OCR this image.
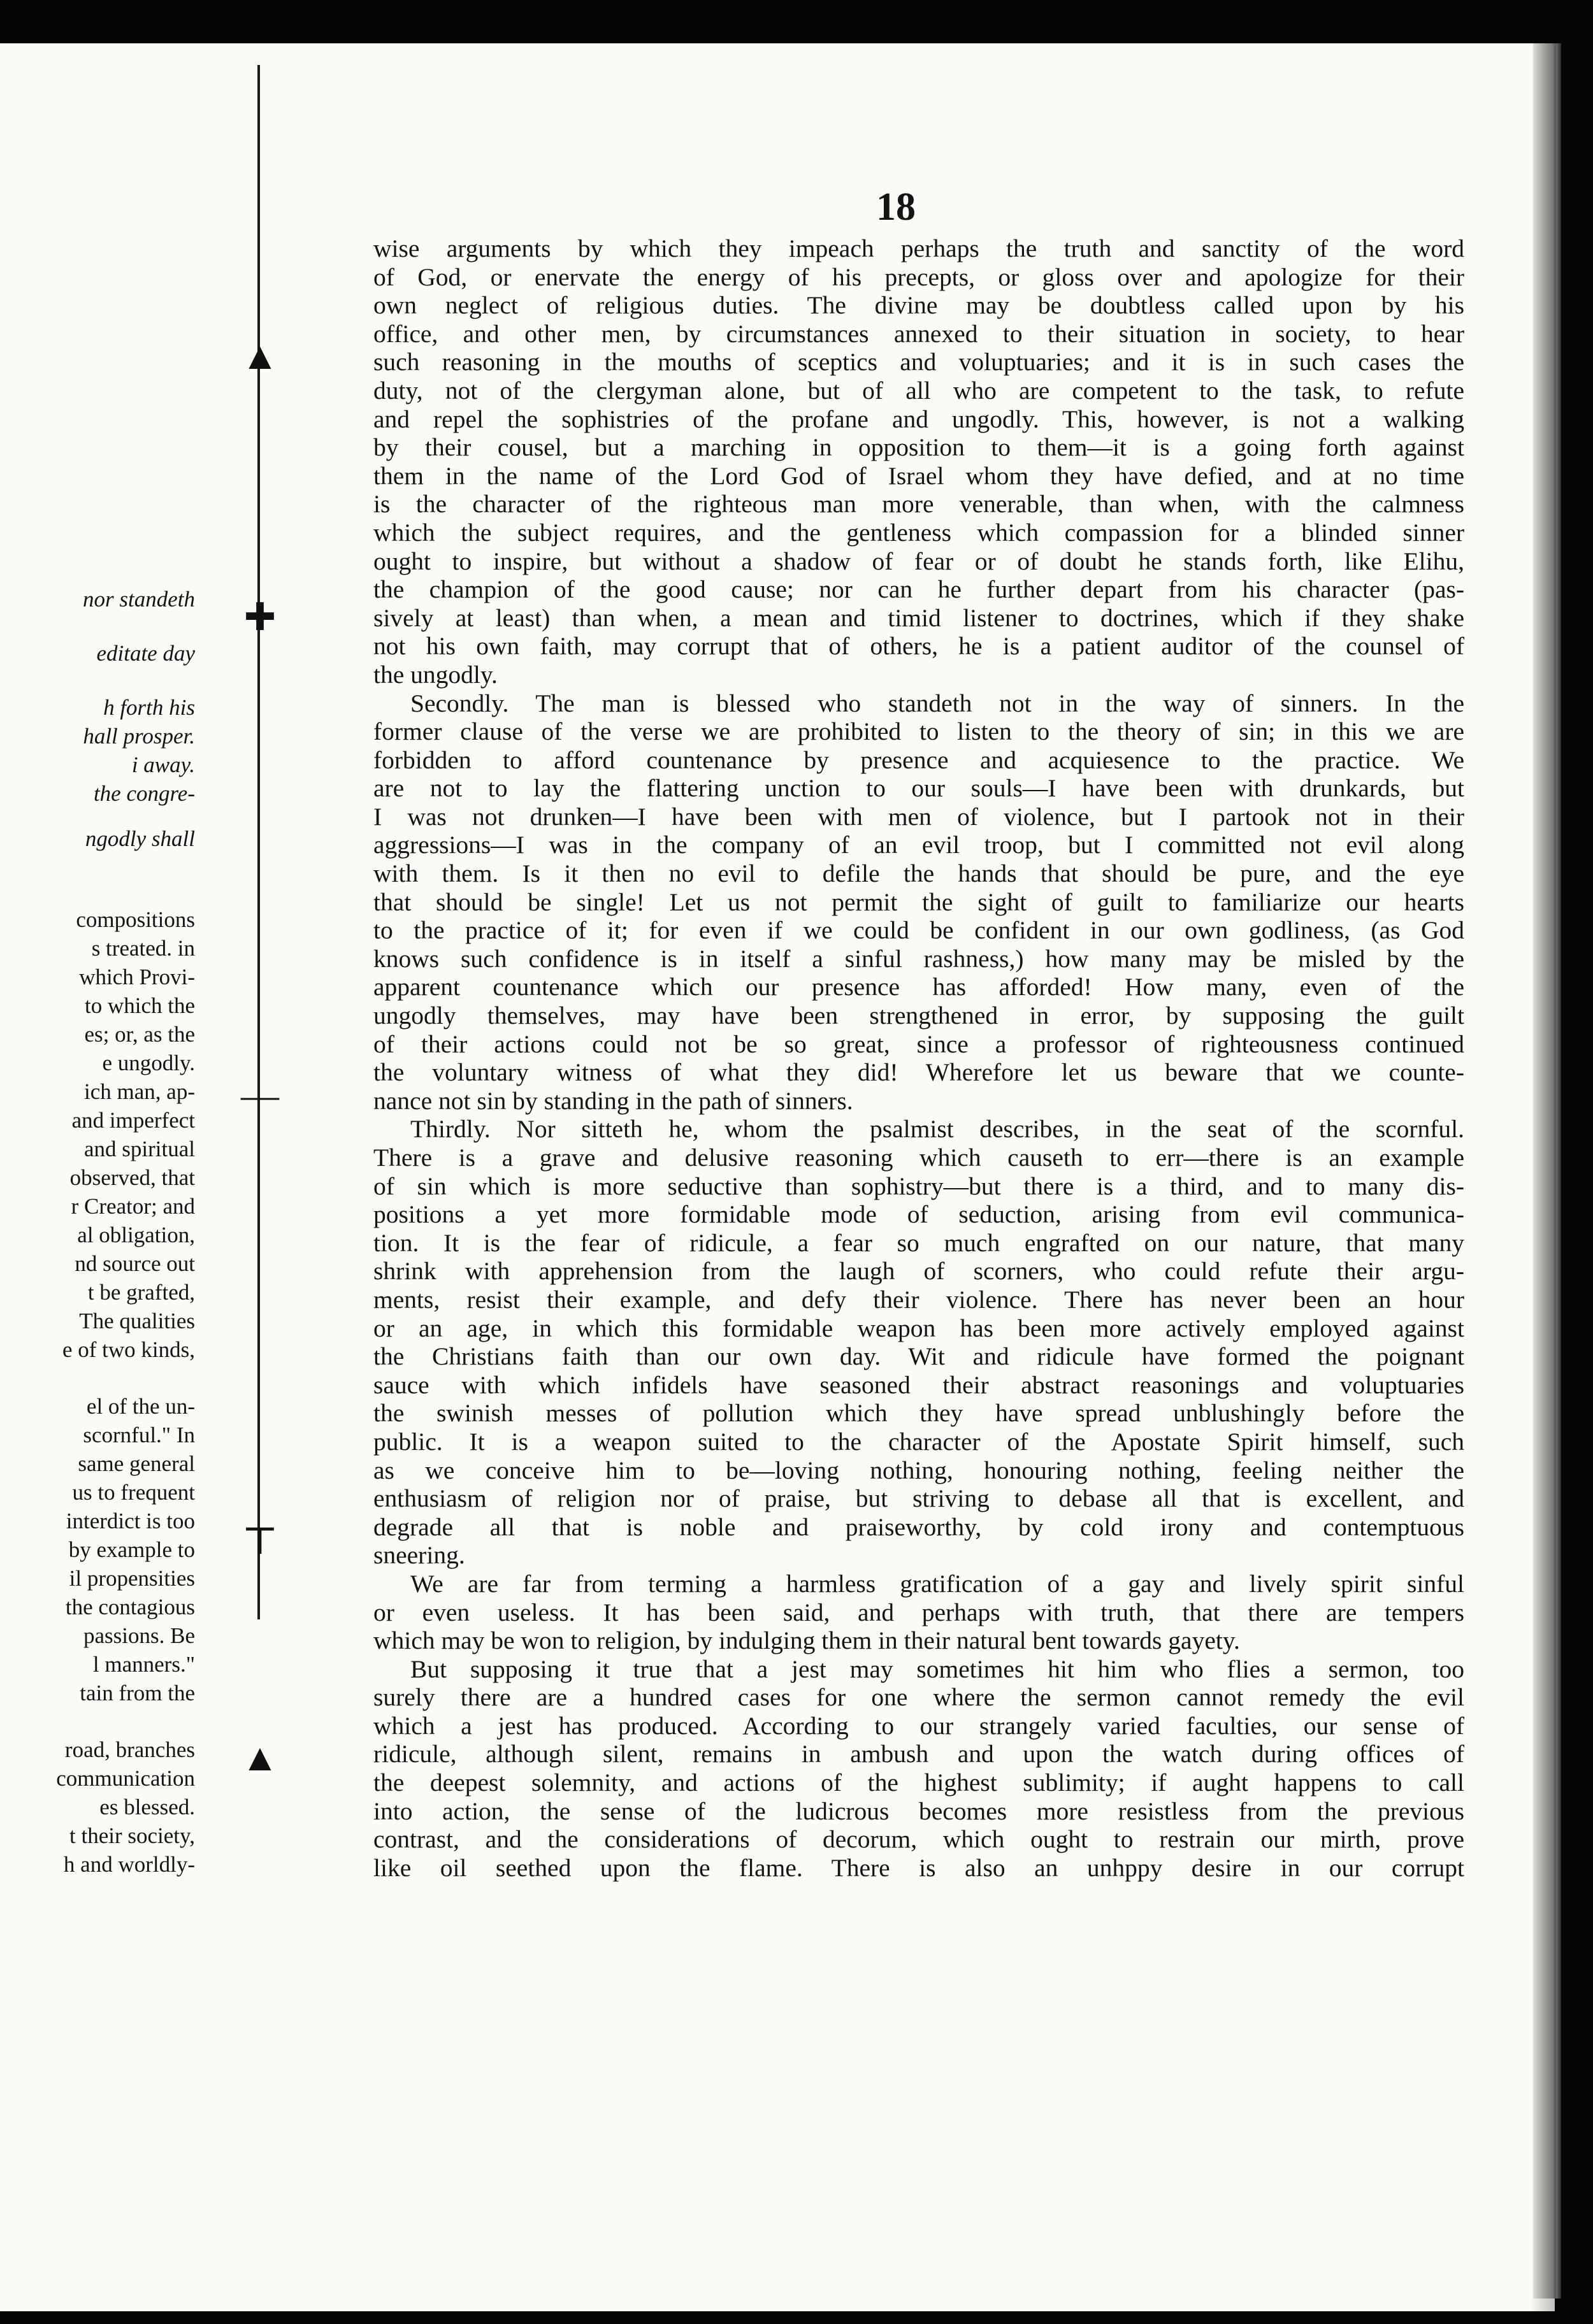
▲
✚
―
⊤
▲
nor standeth
editate day
h forth his
hall prosper.
i away.
the congre-
ngodly shall
compositions
s treated. in
which Provi-
to which the
es; or, as the
e ungodly.
ich man, ap-
and imperfect
and spiritual
observed, that
r Creator; and
al obligation,
nd source out
t be grafted,
The qualities
e of two kinds,
el of the un-
scornful." In
same general
us to frequent
interdict is too
by example to
il propensities
the contagious
passions. Be
l manners."
tain from the
road, branches
communication
es blessed.
t their society,
h and worldly-
18
wise arguments by which they impeach perhaps the truth and sanctity of the word
of God, or enervate the energy of his precepts, or gloss over and apologize for their
own neglect of religious duties. The divine may be doubtless called upon by his
office, and other men, by circumstances annexed to their situation in society, to hear
such reasoning in the mouths of sceptics and voluptuaries; and it is in such cases the
duty, not of the clergyman alone, but of all who are competent to the task, to refute
and repel the sophistries of the profane and ungodly. This, however, is not a walking
by their cousel, but a marching in opposition to them—it is a going forth against
them in the name of the Lord God of Israel whom they have defied, and at no time
is the character of the righteous man more venerable, than when, with the calmness
which the subject requires, and the gentleness which compassion for a blinded sinner
ought to inspire, but without a shadow of fear or of doubt he stands forth, like Elihu,
the champion of the good cause; nor can he further depart from his character (pas-
sively at least) than when, a mean and timid listener to doctrines, which if they shake
not his own faith, may corrupt that of others, he is a patient auditor of the counsel of
the ungodly.
Secondly. The man is blessed who standeth not in the way of sinners. In the
former clause of the verse we are prohibited to listen to the theory of sin; in this we are
forbidden to afford countenance by presence and acquiesence to the practice. We
are not to lay the flattering unction to our souls—I have been with drunkards, but
I was not drunken—I have been with men of violence, but I partook not in their
aggressions—I was in the company of an evil troop, but I committed not evil along
with them. Is it then no evil to defile the hands that should be pure, and the eye
that should be single! Let us not permit the sight of guilt to familiarize our hearts
to the practice of it; for even if we could be confident in our own godliness, (as God
knows such confidence is in itself a sinful rashness,) how many may be misled by the
apparent countenance which our presence has afforded! How many, even of the
ungodly themselves, may have been strengthened in error, by supposing the guilt
of their actions could not be so great, since a professor of righteousness continued
the voluntary witness of what they did! Wherefore let us beware that we counte-
nance not sin by standing in the path of sinners.
Thirdly. Nor sitteth he, whom the psalmist describes, in the seat of the scornful.
There is a grave and delusive reasoning which causeth to err—there is an example
of sin which is more seductive than sophistry—but there is a third, and to many dis-
positions a yet more formidable mode of seduction, arising from evil communica-
tion. It is the fear of ridicule, a fear so much engrafted on our nature, that many
shrink with apprehension from the laugh of scorners, who could refute their argu-
ments, resist their example, and defy their violence. There has never been an hour
or an age, in which this formidable weapon has been more actively employed against
the Christians faith than our own day. Wit and ridicule have formed the poignant
sauce with which infidels have seasoned their abstract reasonings and voluptuaries
the swinish messes of pollution which they have spread unblushingly before the
public. It is a weapon suited to the character of the Apostate Spirit himself, such
as we conceive him to be—loving nothing, honouring nothing, feeling neither the
enthusiasm of religion nor of praise, but striving to debase all that is excellent, and
degrade all that is noble and praiseworthy, by cold irony and contemptuous
sneering.
We are far from terming a harmless gratification of a gay and lively spirit sinful
or even useless. It has been said, and perhaps with truth, that there are tempers
which may be won to religion, by indulging them in their natural bent towards gayety.
But supposing it true that a jest may sometimes hit him who flies a sermon, too
surely there are a hundred cases for one where the sermon cannot remedy the evil
which a jest has produced. According to our strangely varied faculties, our sense of
ridicule, although silent, remains in ambush and upon the watch during offices of
the deepest solemnity, and actions of the highest sublimity; if aught happens to call
into action, the sense of the ludicrous becomes more resistless from the previous
contrast, and the considerations of decorum, which ought to restrain our mirth, prove
like oil seethed upon the flame. There is also an unhppy desire in our corrupt
